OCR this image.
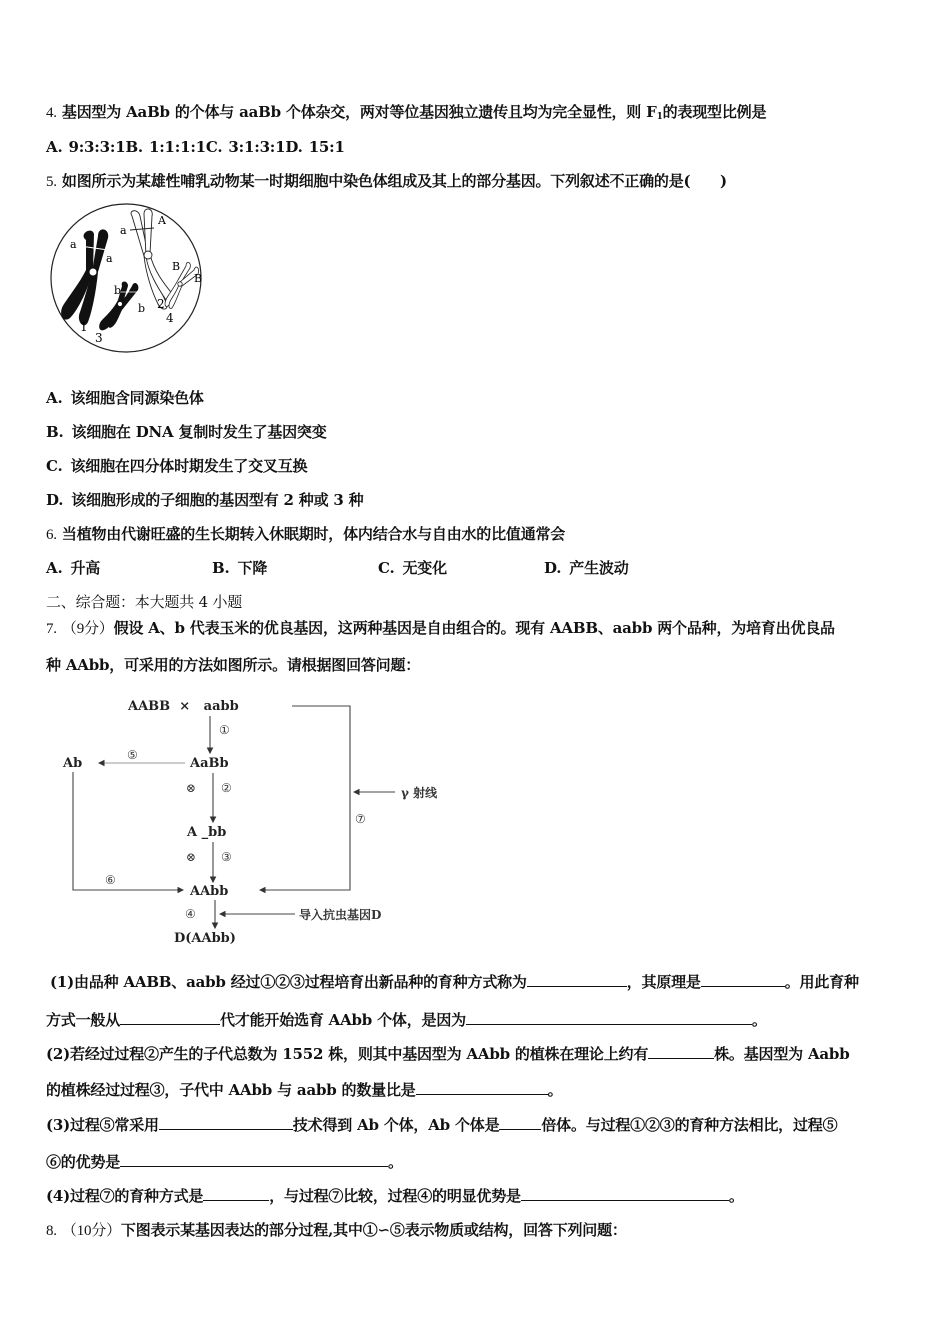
4. 基因型为 AaBb 的个体与 aaBb 个体杂交，两对等位基因独立遗传且均为完全显性，则 $F_1$的表现型比例是
A. 9:3:3:1B. 1:1:1:1C. 3:1:3:1D. 15:1
5. 如图所示为某雄性哺乳动物某一时期细胞中染色体组成及其上的部分基因。下列叙述不正确的是(　　)
a
a
1
a
A
2
b
b
3
B
B
4
A. 该细胞含同源染色体
B. 该细胞在 DNA 复制时发生了基因突变
C. 该细胞在四分体时期发生了交叉互换
D. 该细胞形成的子细胞的基因型有 2 种或 3 种
6. 当植物由代谢旺盛的生长期转入休眠期时，体内结合水与自由水的比值通常会
A. 升高	B. 下降	C. 无变化	D. 产生波动
二、综合题：本大题共 4 小题
7. （9分）假设 A、b 代表玉米的优良基因，这两种基因是自由组合的。现有 AABB、aabb 两个品种，为培育出优良品
种 AAbb，可采用的方法如图所示。请根据图回答问题：
AABB  ×   aabb
AaBb
Ab
A _bb
AAbb
D(AAbb)
γ 射线
导入抗虫基因D
①
②
③
④
⑤
⑥
⑦
⊗
⊗
(1)由品种 AABB、aabb 经过①②③过程培育出新品种的育种方式称为	，其原理是	。用此育种
方式一般从	代才能开始选育 AAbb 个体，是因为	。
(2)若经过过程②产生的子代总数为 1552 株，则其中基因型为 AAbb 的植株在理论上约有	株。基因型为 Aabb
的植株经过过程③，子代中 AAbb 与 aabb 的数量比是	。
(3)过程⑤常采用	技术得到 Ab 个体，Ab 个体是	倍体。与过程①②③的育种方法相比，过程⑤
⑥的优势是	。
(4)过程⑦的育种方式是	，与过程⑦比较，过程④的明显优势是	。
8. （10分）下图表示某基因表达的部分过程,其中①∽⑤表示物质或结构，回答下列问题：
